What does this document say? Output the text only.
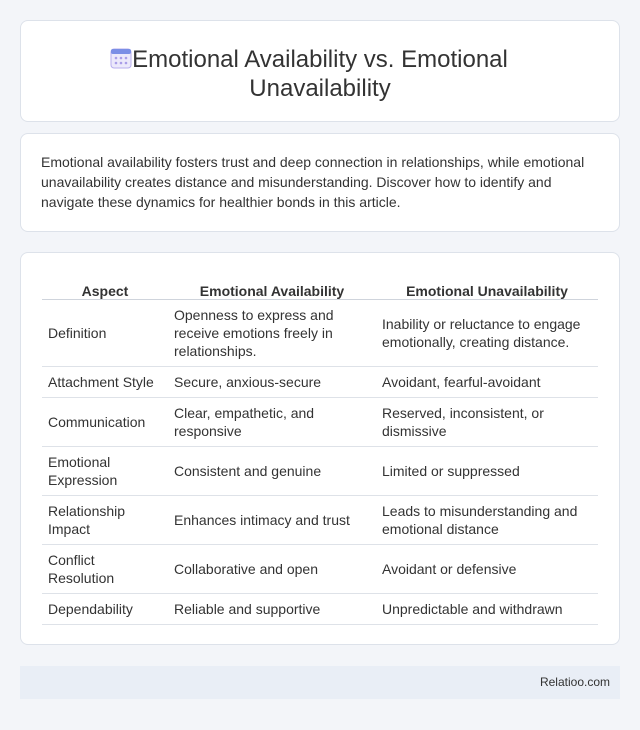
Emotional Availability vs. Emotional Unavailability

Emotional availability fosters trust and deep connection in relationships, while emotional unavailability creates distance and misunderstanding. Discover how to identify and navigate these dynamics for healthier bonds in this article.

Aspect	Emotional Availability	Emotional Unavailability
Definition	Openness to express and receive emotions freely in relationships.	Inability or reluctance to engage emotionally, creating distance.
Attachment Style	Secure, anxious-secure	Avoidant, fearful-avoidant
Communication	Clear, empathetic, and responsive	Reserved, inconsistent, or dismissive
Emotional Expression	Consistent and genuine	Limited or suppressed
Relationship Impact	Enhances intimacy and trust	Leads to misunderstanding and emotional distance
Conflict Resolution	Collaborative and open	Avoidant or defensive
Dependability	Reliable and supportive	Unpredictable and withdrawn
Relatioo.com
